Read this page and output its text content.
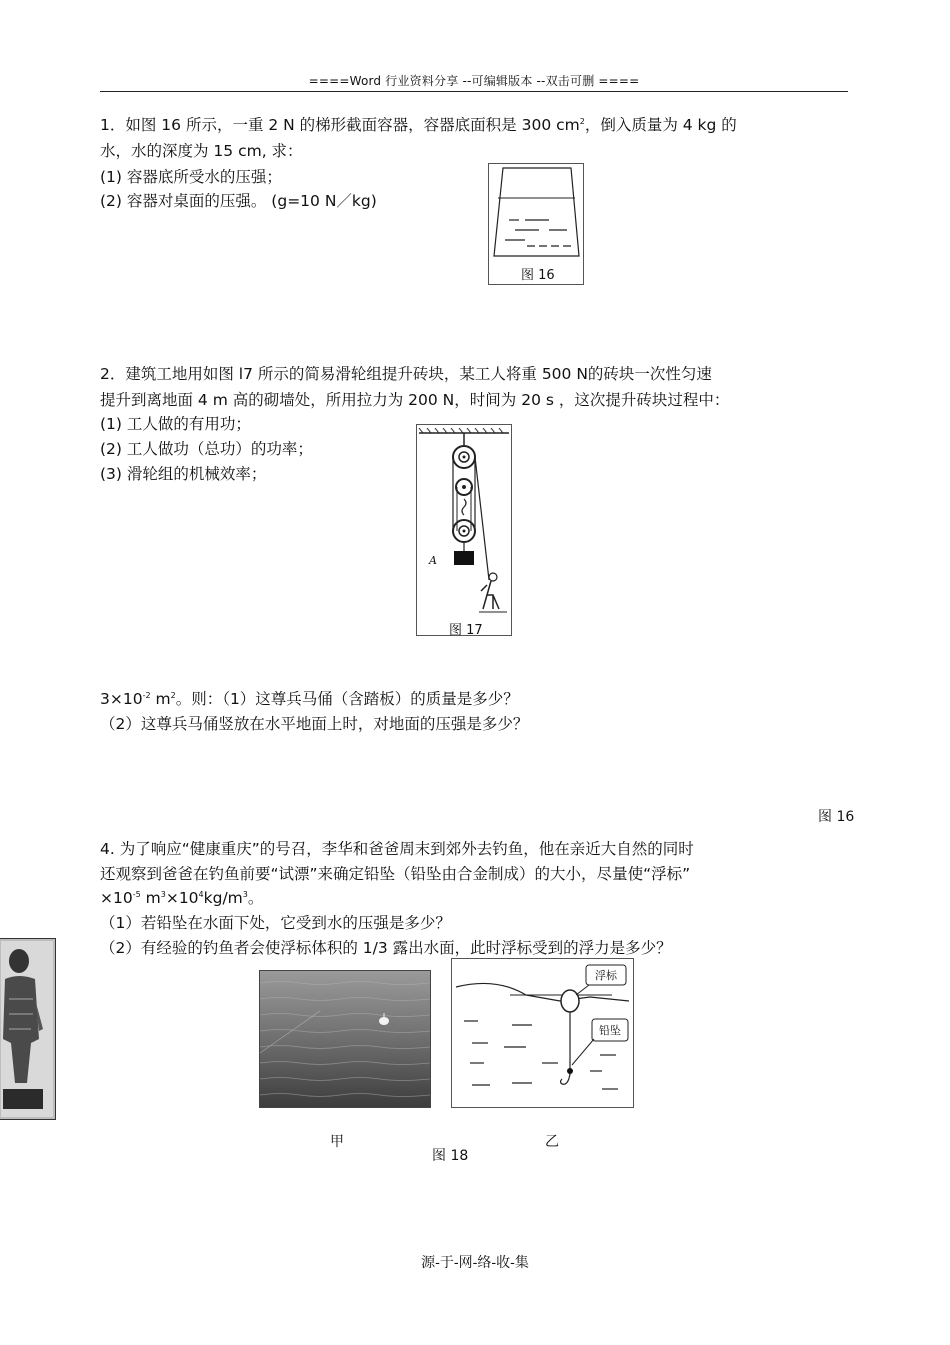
====Word 行业资料分享 --可编辑版本 --双击可删 ====
1．如图 16 所示，一重 2 N 的梯形截面容器，容器底面积是 300 $cm^2$，倒入质量为 4 kg 的
水，水的深度为 15 cm, 求：
(1) 容器底所受水的压强；
(2) 容器对桌面的压强。 (g=10 N／kg)
图 16
2．建筑工地用如图 l7 所示的简易滑轮组提升砖块，某工人将重 500 N的砖块一次性匀速
提升到离地面 4 m 高的砌墙处，所用拉力为 200 N，时间为 20 s ，这次提升砖块过程中：
(1) 工人做的有用功；
(2) 工人做功（总功）的功率；
(3) 滑轮组的机械效率；
A
图 17
$3\times 10^{-2}$ $m^2$。则：（1）这尊兵马俑（含踏板）的质量是多少？
（2）这尊兵马俑竖放在水平地面上时，对地面的压强是多少？
图 16
4. 为了响应“健康重庆”的号召，李华和爸爸周末到郊外去钓鱼，他在亲近大自然的同时
还观察到爸爸在钓鱼前要“试漂”来确定铅坠（铅坠由合金制成）的大小，尽量使“浮标”
$\times 10^{-5}$ $m^3\times 10^4kg/m^3$。
（1）若铅坠在水面下处，它受到水的压强是多少？
（2）有经验的钓鱼者会使浮标体积的 1/3 露出水面，此时浮标受到的浮力是多少？
浮标
铅坠
甲	乙
图 18
源-于-网-络-收-集
